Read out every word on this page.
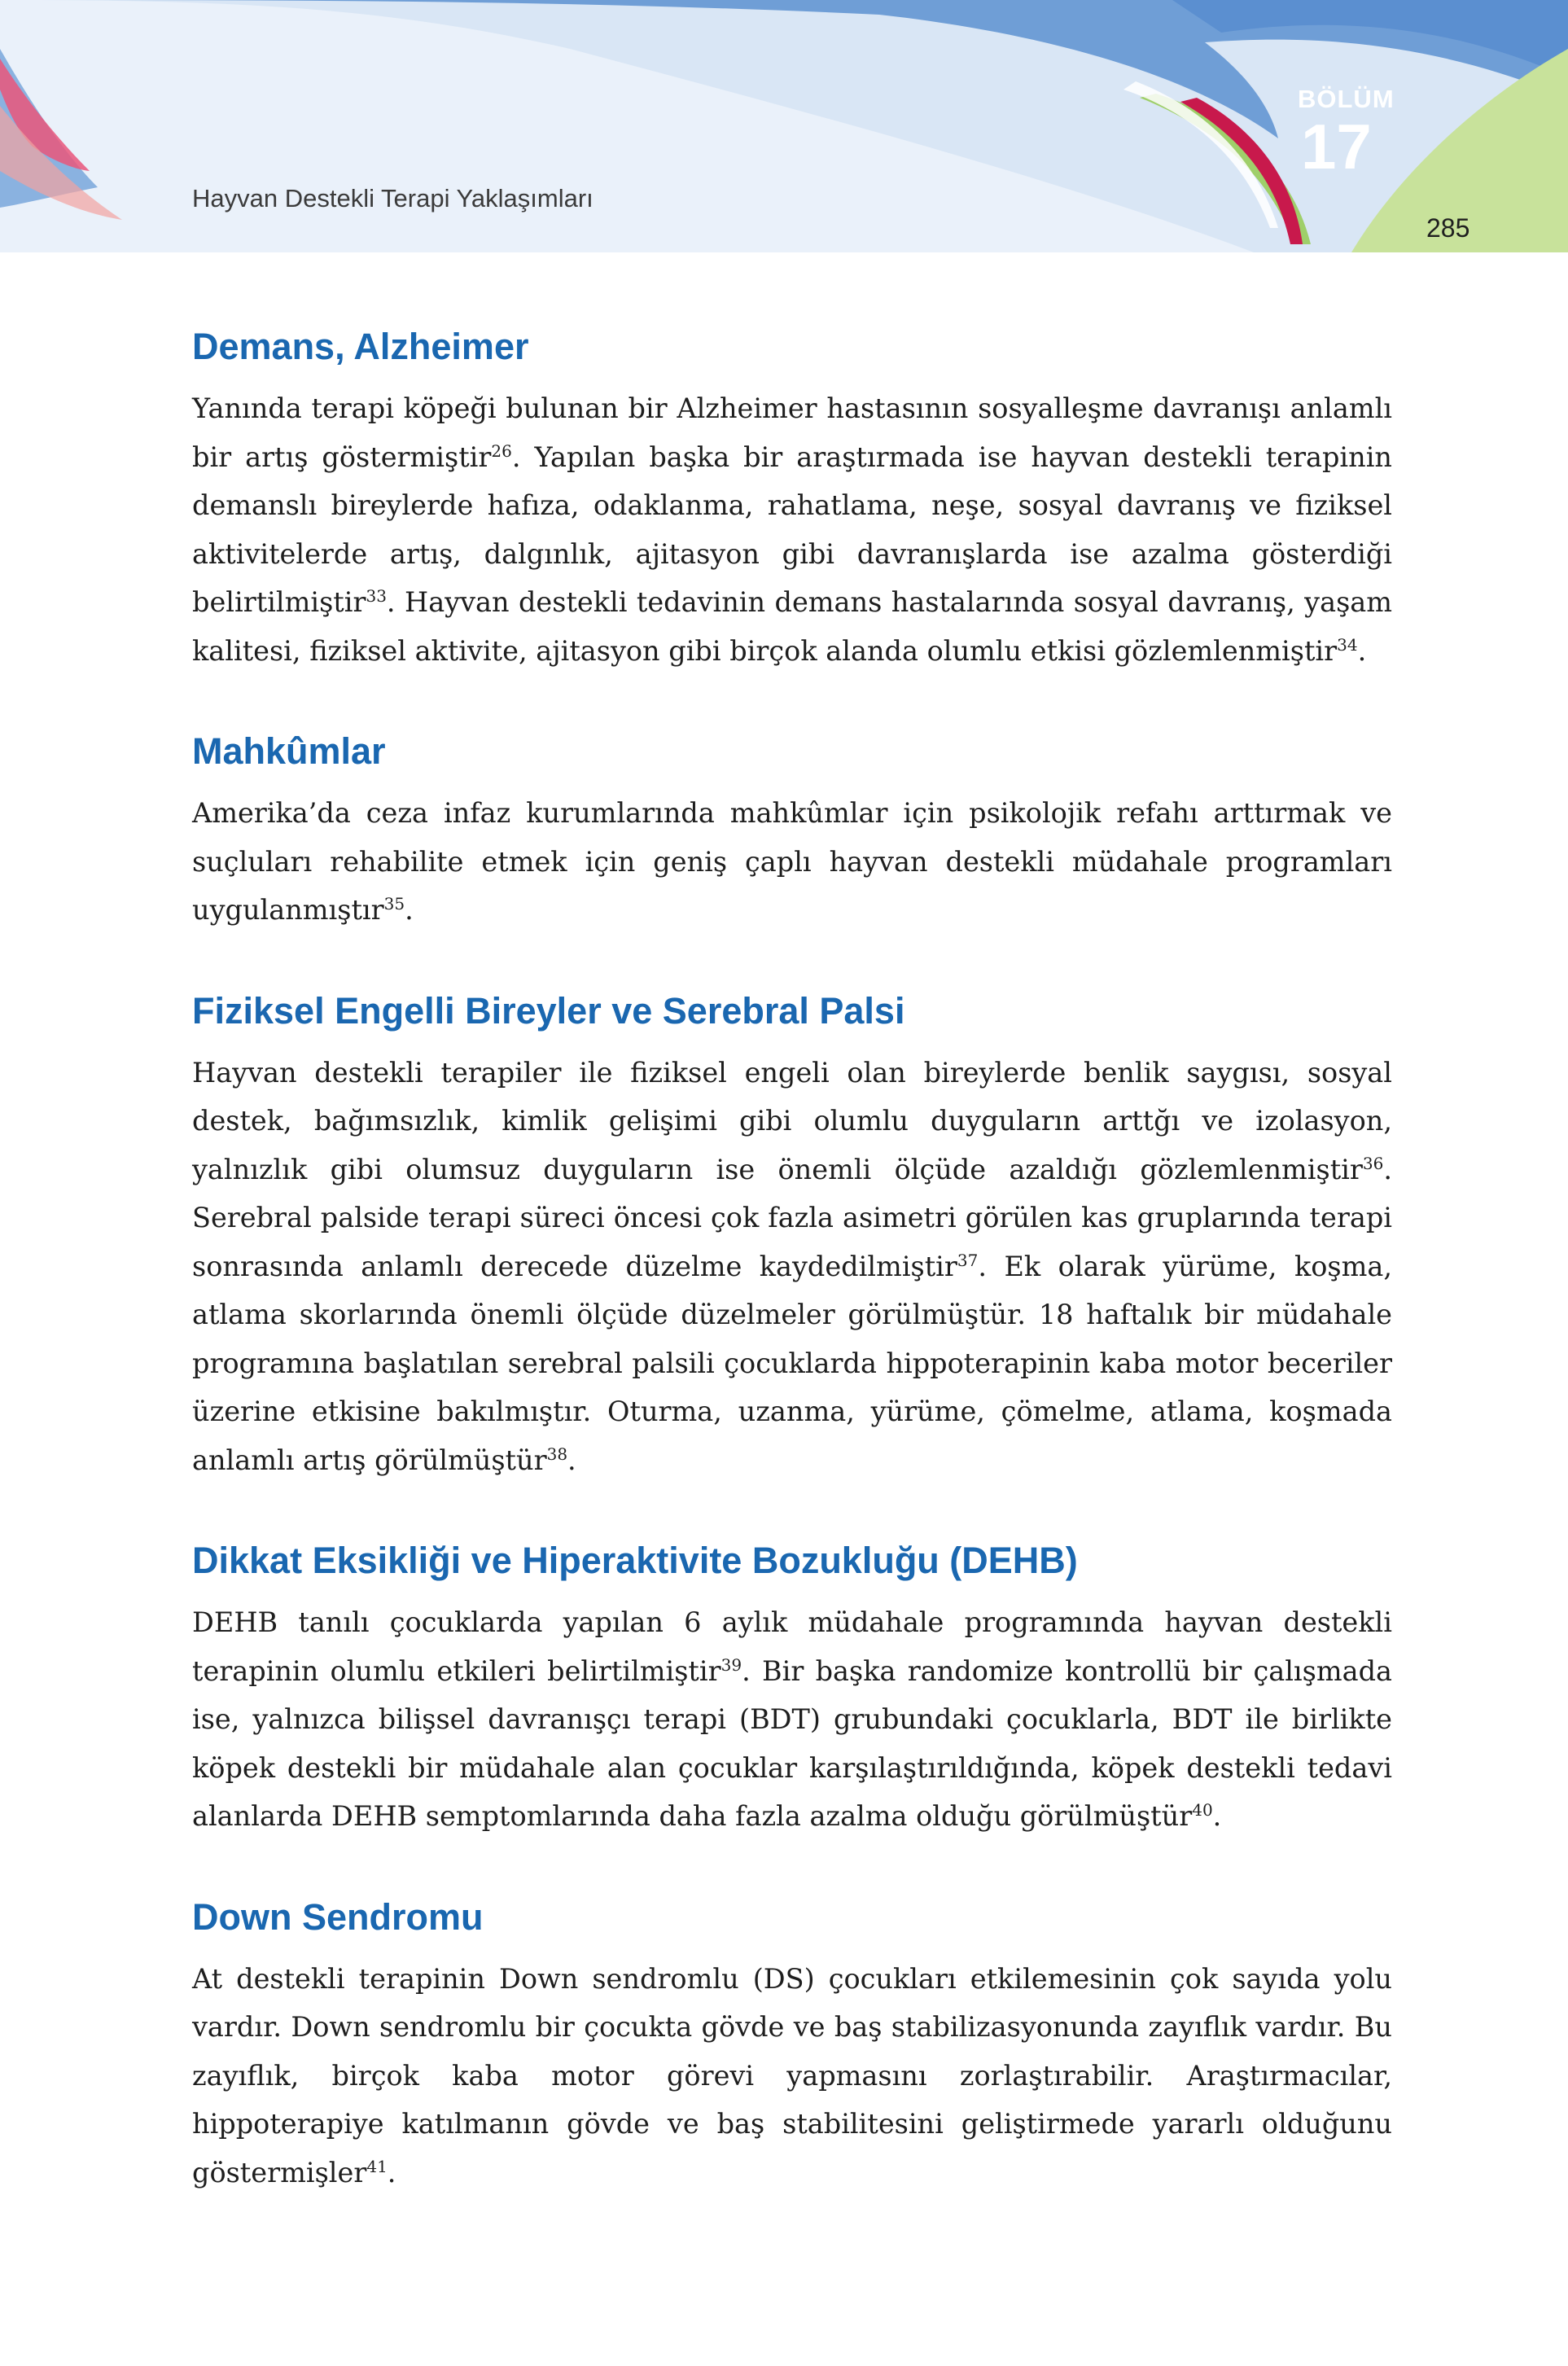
Hayvan Destekli Terapi Yaklaşımları
BÖLÜM
17
285
Demans, Alzheimer

Yanında terapi köpeği bulunan bir Alzheimer hastasının sosyalleşme davranışı anlamlı bir artış göstermiştir$^{26}$. Yapılan başka bir araştırmada ise hayvan destekli terapinin demanslı bireylerde hafıza, odaklanma, rahatlama, neşe, sosyal davranış ve fiziksel aktivitelerde artış, dalgınlık, ajitasyon gibi davranışlarda ise azalma gösterdiği belirtilmiştir$^{33}$. Hayvan destekli tedavinin demans hastalarında sosyal davranış, yaşam kalitesi, fiziksel aktivite, ajitasyon gibi birçok alanda olumlu etkisi gözlemlenmiştir$^{34}$.

Mahkûmlar

Amerika’da ceza infaz kurumlarında mahkûmlar için psikolojik refahı arttırmak ve suçluları rehabilite etmek için geniş çaplı hayvan destekli müdahale programları uygulanmıştır$^{35}$.

Fiziksel Engelli Bireyler ve Serebral Palsi

Hayvan destekli terapiler ile fiziksel engeli olan bireylerde benlik saygısı, sosyal destek, bağımsızlık, kimlik gelişimi gibi olumlu duyguların arttğı ve izolasyon, yalnızlık gibi olumsuz duyguların ise önemli ölçüde azaldığı gözlemlenmiştir$^{36}$. Serebral palside terapi süreci öncesi çok fazla asimetri görülen kas gruplarında terapi sonrasında anlamlı derecede düzelme kaydedilmiştir$^{37}$. Ek olarak yürüme, koşma, atlama skorlarında önemli ölçüde düzelmeler görülmüştür. 18 haftalık bir müdahale programına başlatılan serebral palsili çocuklarda hippoterapinin kaba motor beceriler üzerine etkisine bakılmıştır. Oturma, uzanma, yürüme, çömelme, atlama, koşmada anlamlı artış görülmüştür$^{38}$.

Dikkat Eksikliği ve Hiperaktivite Bozukluğu (DEHB)

DEHB tanılı çocuklarda yapılan 6 aylık müdahale programında hayvan destekli terapinin olumlu etkileri belirtilmiştir$^{39}$. Bir başka randomize kontrollü bir çalışmada ise, yalnızca bilişsel davranışçı terapi (BDT) grubundaki çocuklarla, BDT ile birlikte köpek destekli bir müdahale alan çocuklar karşılaştırıldığında, köpek destekli tedavi alanlarda DEHB semptomlarında daha fazla azalma olduğu görülmüştür$^{40}$.

Down Sendromu

At destekli terapinin Down sendromlu (DS) çocukları etkilemesinin çok sayıda yolu vardır. Down sendromlu bir çocukta gövde ve baş stabilizasyonunda zayıflık vardır. Bu zayıflık, birçok kaba motor görevi yapmasını zorlaştırabilir. Araştırmacılar, hippoterapiye katılmanın gövde ve baş stabilitesini geliştirmede yararlı olduğunu göstermişler$^{41}$.
